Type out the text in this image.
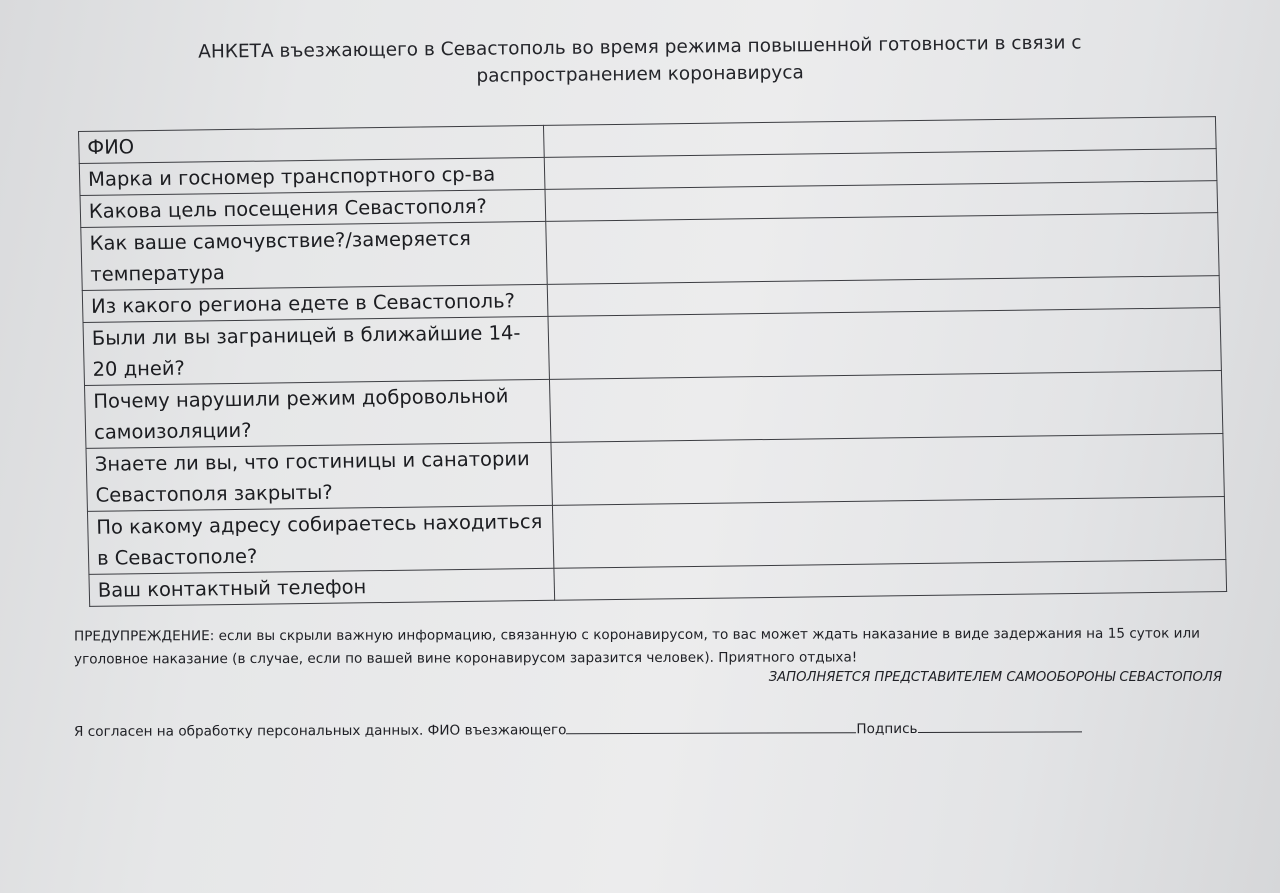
АНКЕТА въезжающего в Севастополь во время режима повышенной готовности в связи с распространением коронавируса
ФИО	
Марка и госномер транспортного ср-ва	
Какова цель посещения Севастополя?	
Как ваше самочувствие?/замеряется температура	
Из какого региона едете в Севастополь?	
Были ли вы заграницей в ближайшие 14-20 дней?	
Почему нарушили режим добровольной самоизоляции?	
Знаете ли вы, что гостиницы и санатории Севастополя закрыты?	
По какому адресу собираетесь находиться в Севастополе?	
Ваш контактный телефон	

ПРЕДУПРЕЖДЕНИЕ: если вы скрыли важную информацию, связанную с коронавирусом, то вас может ждать наказание в виде задержания на 15 суток или уголовное наказание (в случае, если по вашей вине коронавирусом заразится человек). Приятного отдыха!

ЗАПОЛНЯЕТСЯ ПРЕДСТАВИТЕЛЕМ САМООБОРОНЫ СЕВАСТОПОЛЯ

Я согласен на обработку персональных данных. ФИО въезжающего	Подпись
